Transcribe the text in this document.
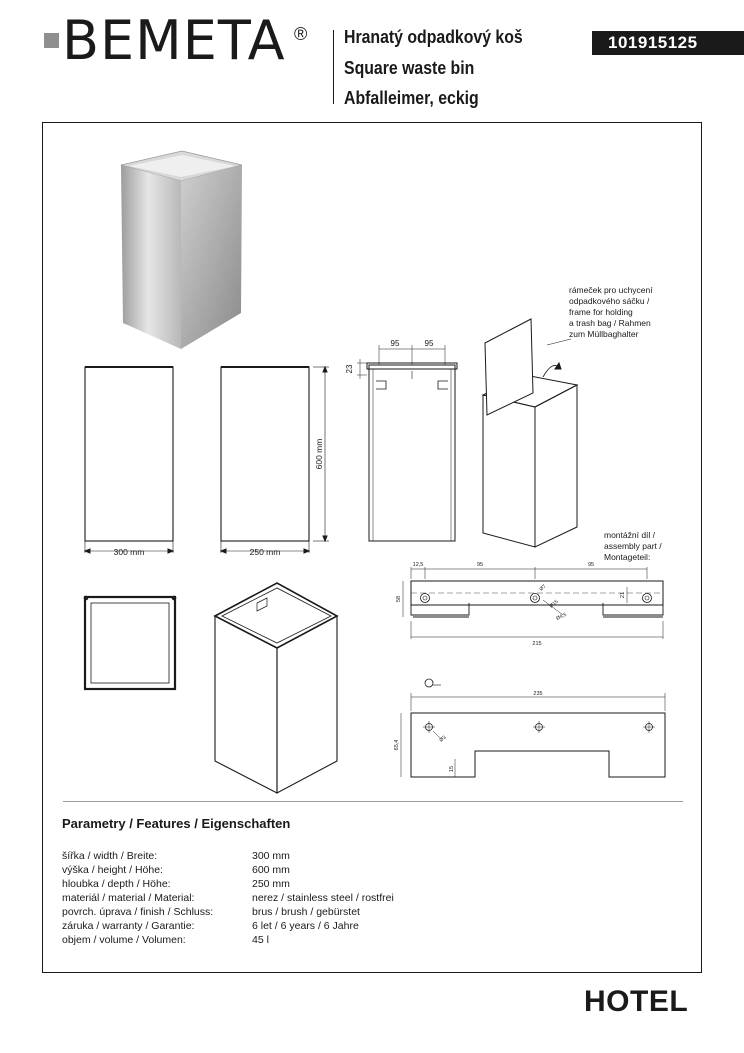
BEMETA ® Hranatý odpadkový koš
Square waste bin
Abfalleimer, eckig
101915125
300 mm	250 mm
600 mm
95	95
23
12,5	95	95
58
21
215
Ø7
Ø15
Ø4,5
235
65,4
15
Ø3
rámeček pro uchycení
odpadkového sáčku /
frame for holding
a trash bag / Rahmen
zum Müllbaghalter
montážní díl /
assembly part /
Montageteil:
Parametry / Features / Eigenschaften
šířka / width / Breite:	300 mm
výška / height / Höhe:	600 mm
hloubka / depth / Höhe:	250 mm
materiál / material / Material:	nerez / stainless steel / rostfrei
povrch. úprava / finish / Schluss:	brus / brush / gebürstet
záruka / warranty / Garantie:	6 let / 6 years / 6 Jahre
objem / volume / Volumen:	45 l
HOTEL
